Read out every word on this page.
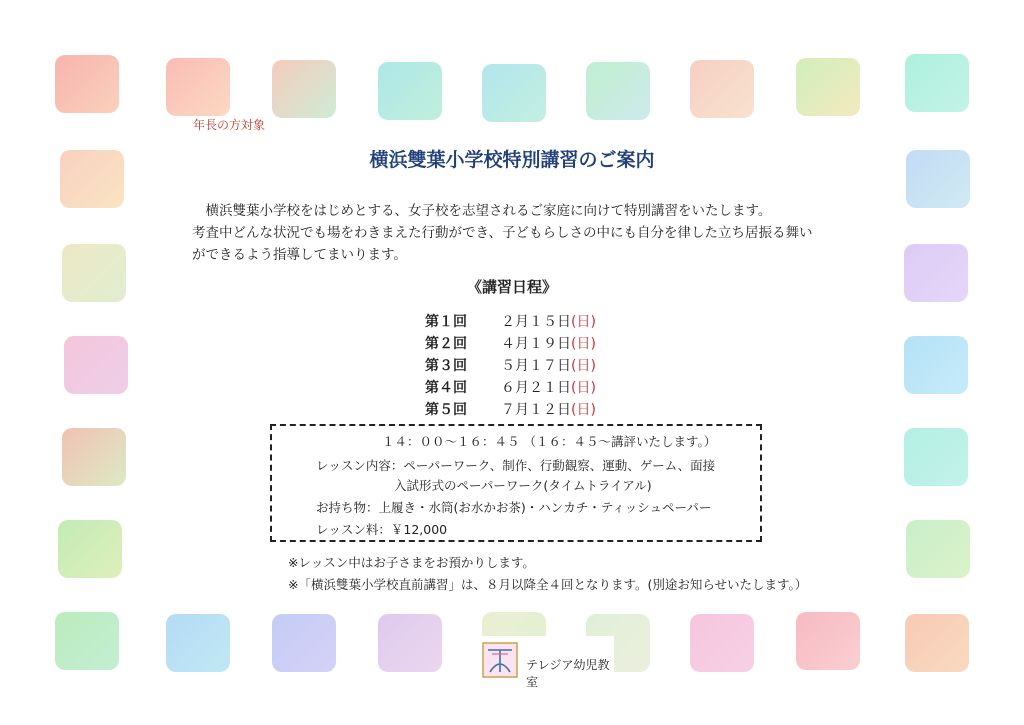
年長の方対象
横浜雙葉小学校特別講習のご案内

　横浜雙葉小学校をはじめとする、女子校を志望されるご家庭に向けて特別講習をいたします。

考査中どんな状況でも場をわきまえた行動ができ、子どもらしさの中にも自分を律した立ち居振る舞い

ができるよう指導してまいります。

《講習日程》
第１回	２月１５日 (日)
第２回	４月１９日 (日)
第３回	５月１７日 (日)
第４回	６月２１日 (日)
第５回	７月１２日 (日)
１４：００〜１６：４５ （１６：４５〜講評いたします。）
レッスン内容：ペーパーワーク、制作、行動観察、運動、ゲーム、面接
入試形式のペーパーワーク(タイムトライアル)
お持ち物：上履き・水筒(お水かお茶)・ハンカチ・ティッシュペーパー
レッスン料：￥12,000

※レッスン中はお子さまをお預かりします。

※「横浜雙葉小学校直前講習」は、８月以降全４回となります。(別途お知らせいたします。）

テレジア幼児教室
